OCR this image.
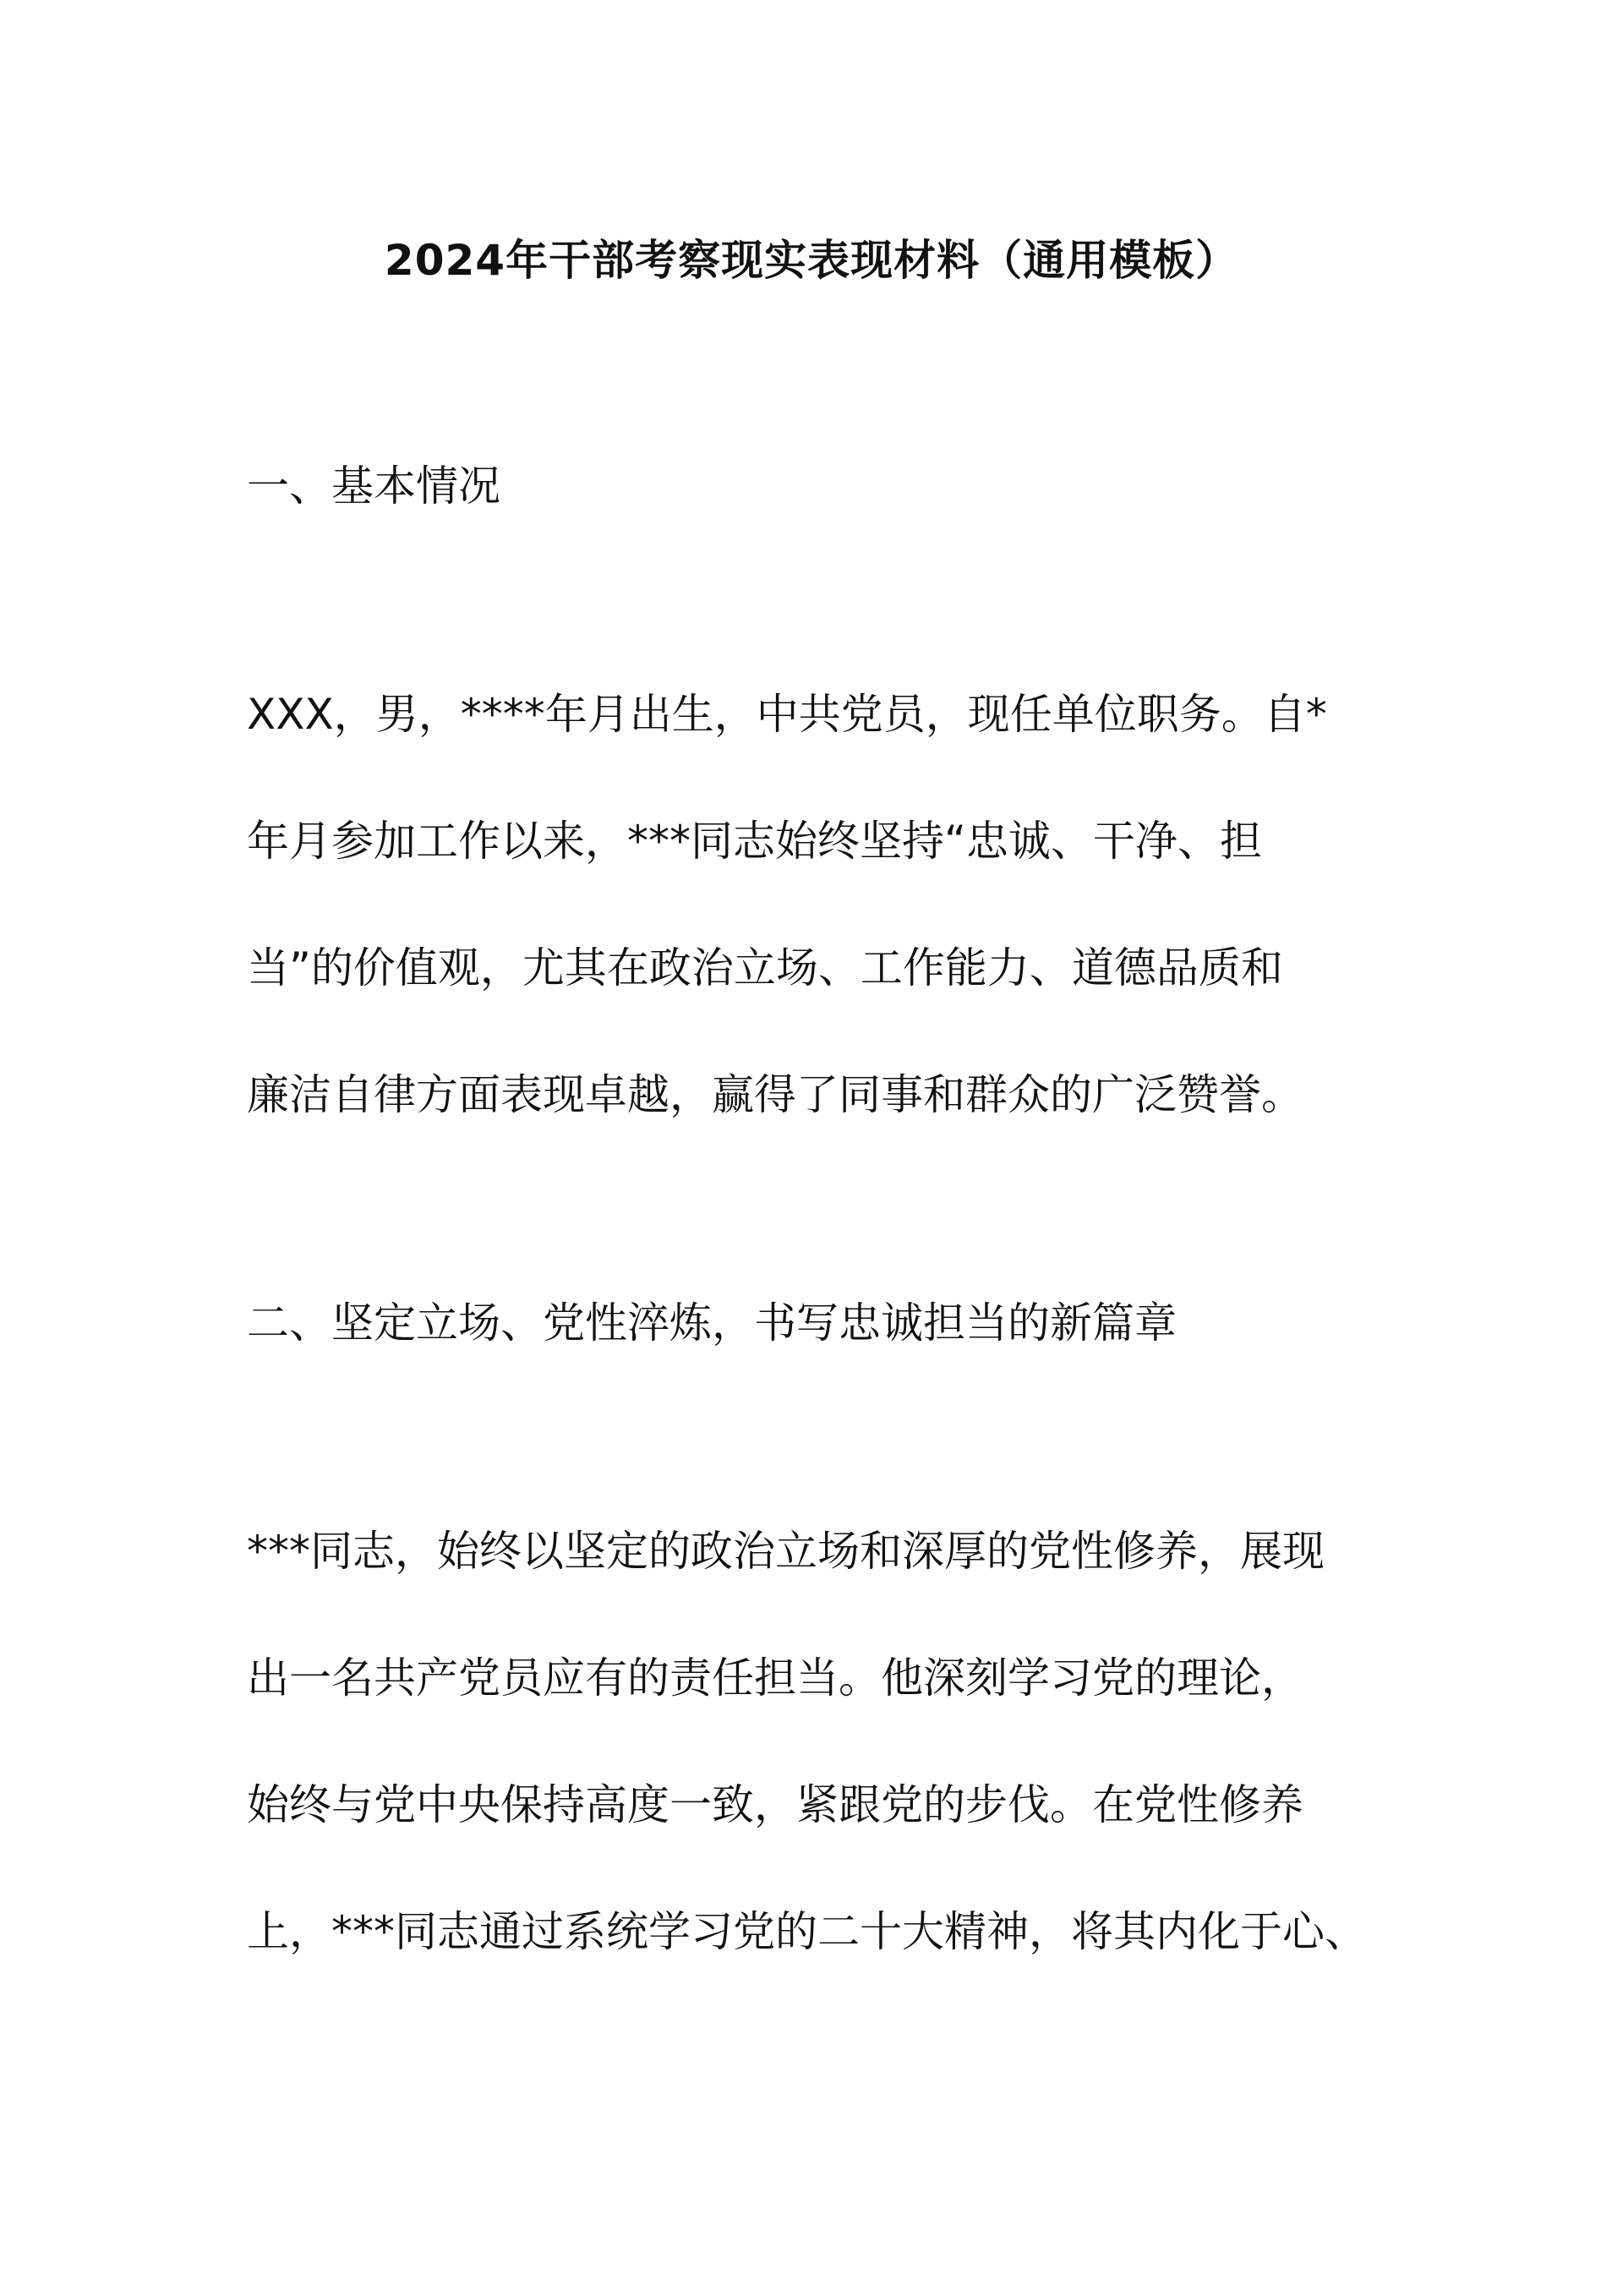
2024年干部考察现实表现材料（通用模板）
一、基本情况
XXX，男，****年月出生，中共党员，现任单位职务。自*
年月参加工作以来，***同志始终坚持“忠诚、干净、担
当”的价值观，尤其在政治立场、工作能力、道德品质和
廉洁自律方面表现卓越，赢得了同事和群众的广泛赞誉。
二、坚定立场、党性淬炼，书写忠诚担当的新篇章
***同志，始终以坚定的政治立场和深厚的党性修养，展现
出一名共产党员应有的责任担当。他深刻学习党的理论，
始终与党中央保持高度一致，紧跟党的步伐。在党性修养
上，***同志通过系统学习党的二十大精神，将其内化于心、
